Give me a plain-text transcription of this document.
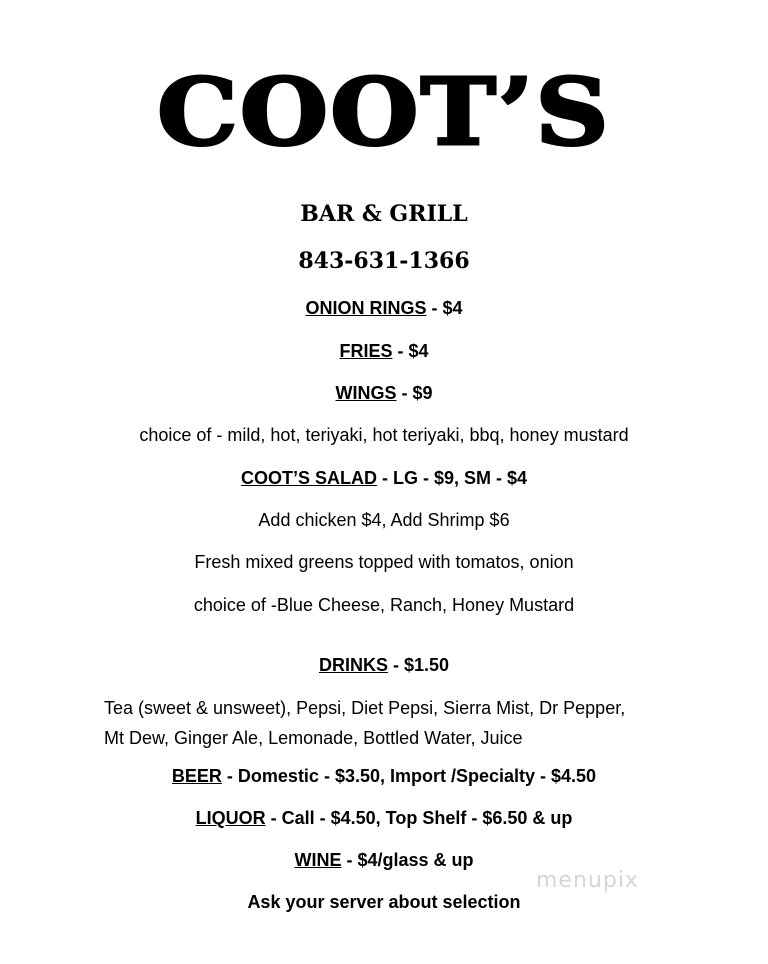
COOT’S
BAR & GRILL
843-631-1366
ONION RINGS - $4
FRIES - $4
WINGS - $9
choice of - mild, hot, teriyaki, hot teriyaki, bbq, honey mustard
COOT’S SALAD - LG - $9, SM - $4
Add chicken $4, Add Shrimp $6
Fresh mixed greens topped with tomatos, onion
choice of -Blue Cheese, Ranch, Honey Mustard
DRINKS - $1.50
Tea (sweet & unsweet), Pepsi, Diet Pepsi, Sierra Mist, Dr Pepper,
Mt Dew, Ginger Ale, Lemonade, Bottled Water, Juice
BEER - Domestic - $3.50, Import /Specialty - $4.50
LIQUOR - Call - $4.50, Top Shelf - $6.50 & up
WINE - $4/glass & up
Ask your server about selection
menupix
